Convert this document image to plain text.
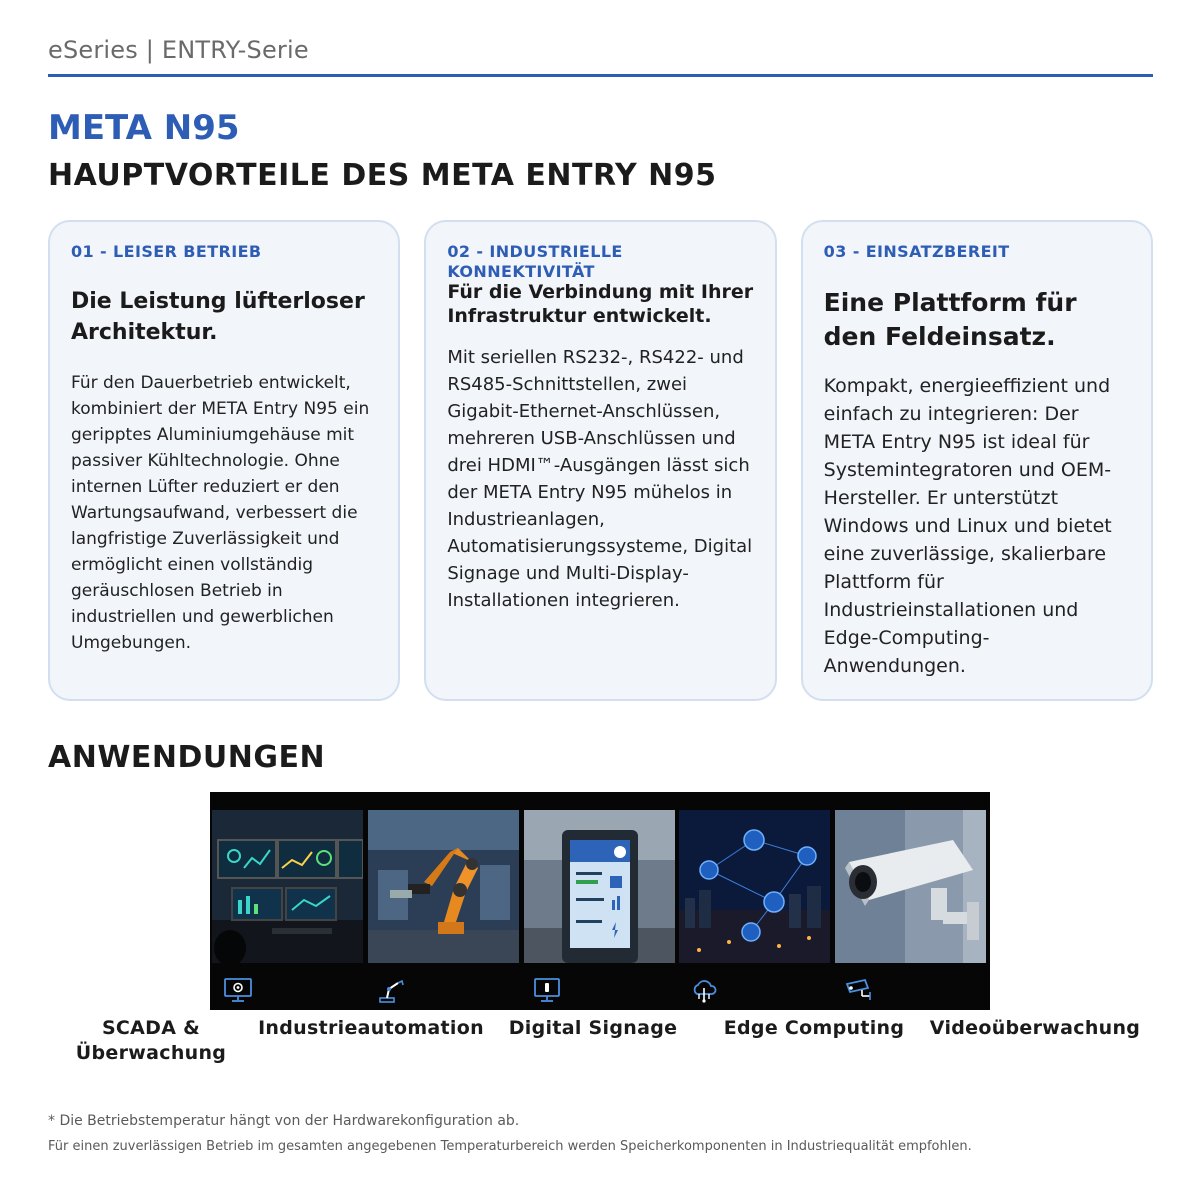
eSeries | ENTRY-Serie
META N95
HAUPTVORTEILE DES META ENTRY N95
01 - LEISER BETRIEB
Die Leistung lüfterloser Architektur.
Für den Dauerbetrieb entwickelt, kombiniert der META Entry N95 ein geripptes Aluminiumgehäuse mit passiver Kühltechnologie. Ohne internen Lüfter reduziert er den Wartungsaufwand, verbessert die langfristige Zuverlässigkeit und ermöglicht einen vollständig geräuschlosen Betrieb in industriellen und gewerblichen Umgebungen.
02 - INDUSTRIELLE KONNEKTIVITÄT
Für die Verbindung mit Ihrer Infrastruktur entwickelt.
Mit seriellen RS232-, RS422- und RS485-Schnittstellen, zwei Gigabit-Ethernet-Anschlüssen, mehreren USB-Anschlüssen und drei HDMI™-Ausgängen lässt sich der META Entry N95 mühelos in Industrieanlagen, Automatisierungssysteme, Digital Signage und Multi-Display-Installationen integrieren.
03 - EINSATZBEREIT
Eine Plattform für den Feldeinsatz.
Kompakt, energieeffizient und einfach zu integrieren: Der META Entry N95 ist ideal für Systemintegratoren und OEM-Hersteller. Er unterstützt Windows und Linux und bietet eine zuverlässige, skalierbare Plattform für Industrieinstallationen und Edge-Computing-Anwendungen.
ANWENDUNGEN
SCADA & Überwachung
Industrieautomation	Digital Signage	Edge Computing	Videoüberwachung
* Die Betriebstemperatur hängt von der Hardwarekonfiguration ab.
Für einen zuverlässigen Betrieb im gesamten angegebenen Temperaturbereich werden Speicherkomponenten in Industriequalität empfohlen.
